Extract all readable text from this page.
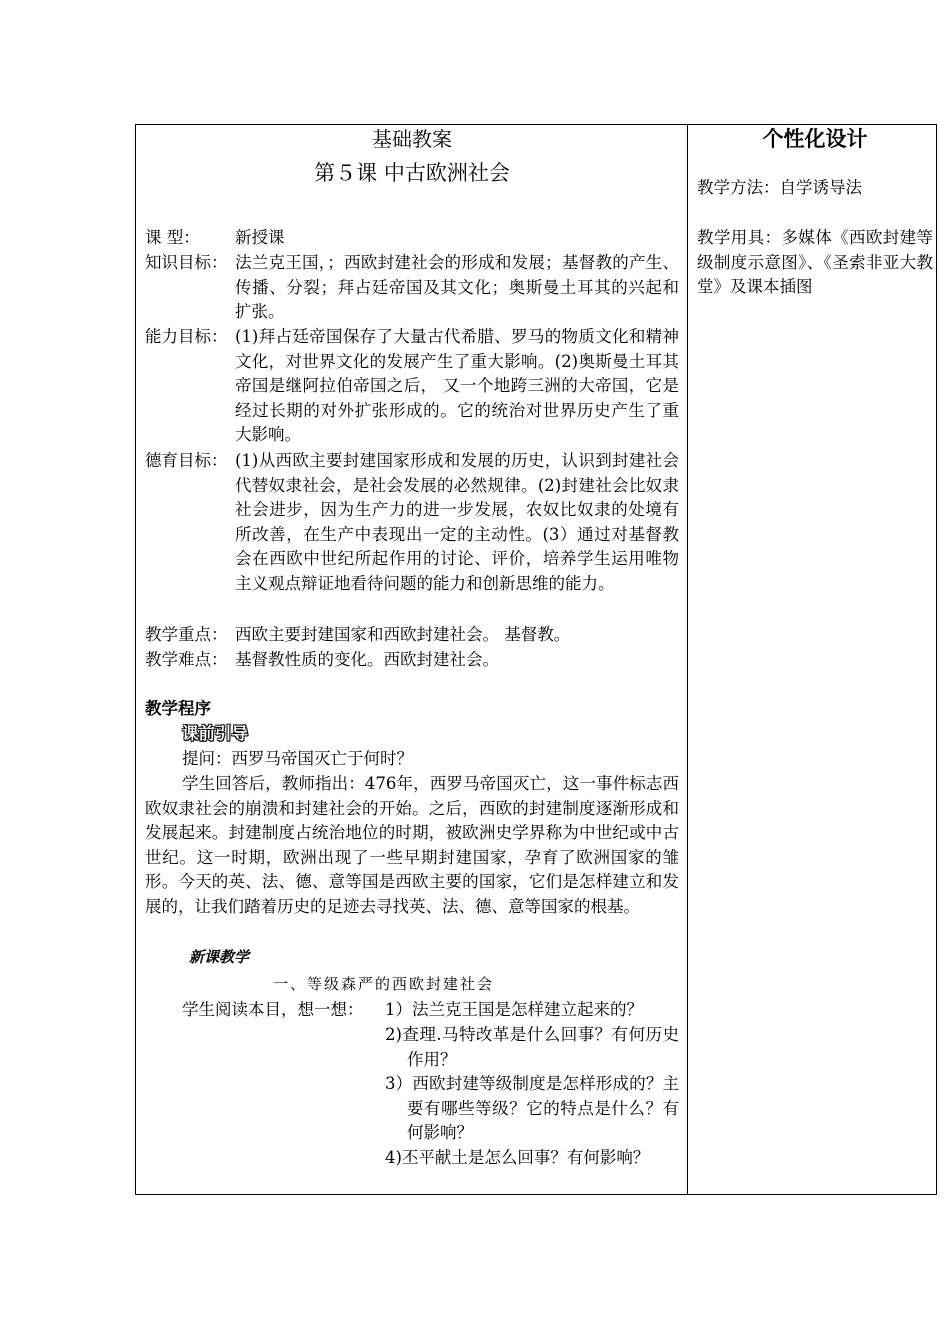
基础教案
第５课 中古欧洲社会
课 型： 新授课
知识目标： 法兰克王国，；西欧封建社会的形成和发展；基督教的产生、传播、分裂；拜占廷帝国及其文化；奥斯曼土耳其的兴起和扩张。
能力目标： (1)拜占廷帝国保存了大量古代希腊、罗马的物质文化和精神文化，对世界文化的发展产生了重大影响。(2)奥斯曼土耳其帝国是继阿拉伯帝国之后， 又一个地跨三洲的大帝国，它是经过长期的对外扩张形成的。它的统治对世界历史产生了重大影响。
德育目标： (1)从西欧主要封建国家形成和发展的历史，认识到封建社会代替奴隶社会，是社会发展的必然规律。(2)封建社会比奴隶社会进步，因为生产力的进一步发展，农奴比奴隶的处境有所改善，在生产中表现出一定的主动性。(3）通过对基督教会在西欧中世纪所起作用的讨论、评价，培养学生运用唯物主义观点辩证地看待问题的能力和创新思维的能力。
教学重点： 西欧主要封建国家和西欧封建社会。 基督教。
教学难点： 基督教性质的变化。西欧封建社会。
教学程序
课前引导
提问：西罗马帝国灭亡于何时？
学生回答后，教师指出：476年，西罗马帝国灭亡，这一事件标志西欧奴隶社会的崩溃和封建社会的开始。之后，西欧的封建制度逐渐形成和发展起来。封建制度占统治地位的时期，被欧洲史学界称为中世纪或中古世纪。这一时期，欧洲出现了一些早期封建国家，孕育了欧洲国家的雏形。今天的英、法、德、意等国是西欧主要的国家，它们是怎样建立和发展的，让我们踏着历史的足迹去寻找英、法、德、意等国家的根基。
新课教学
一、等级森严的西欧封建社会
学生阅读本目，想一想：	1）法兰克王国是怎样建立起来的？
2)查理.马特改革是什么回事？有何历史作用？
3）西欧封建等级制度是怎样形成的？主要有哪些等级？它的特点是什么？有何影响？
4)丕平献土是怎么回事？有何影响？
个性化设计
教学方法：自学诱导法
教学用具：多媒体《西欧封建等级制度示意图》、《圣索非亚大教堂》及课本插图
